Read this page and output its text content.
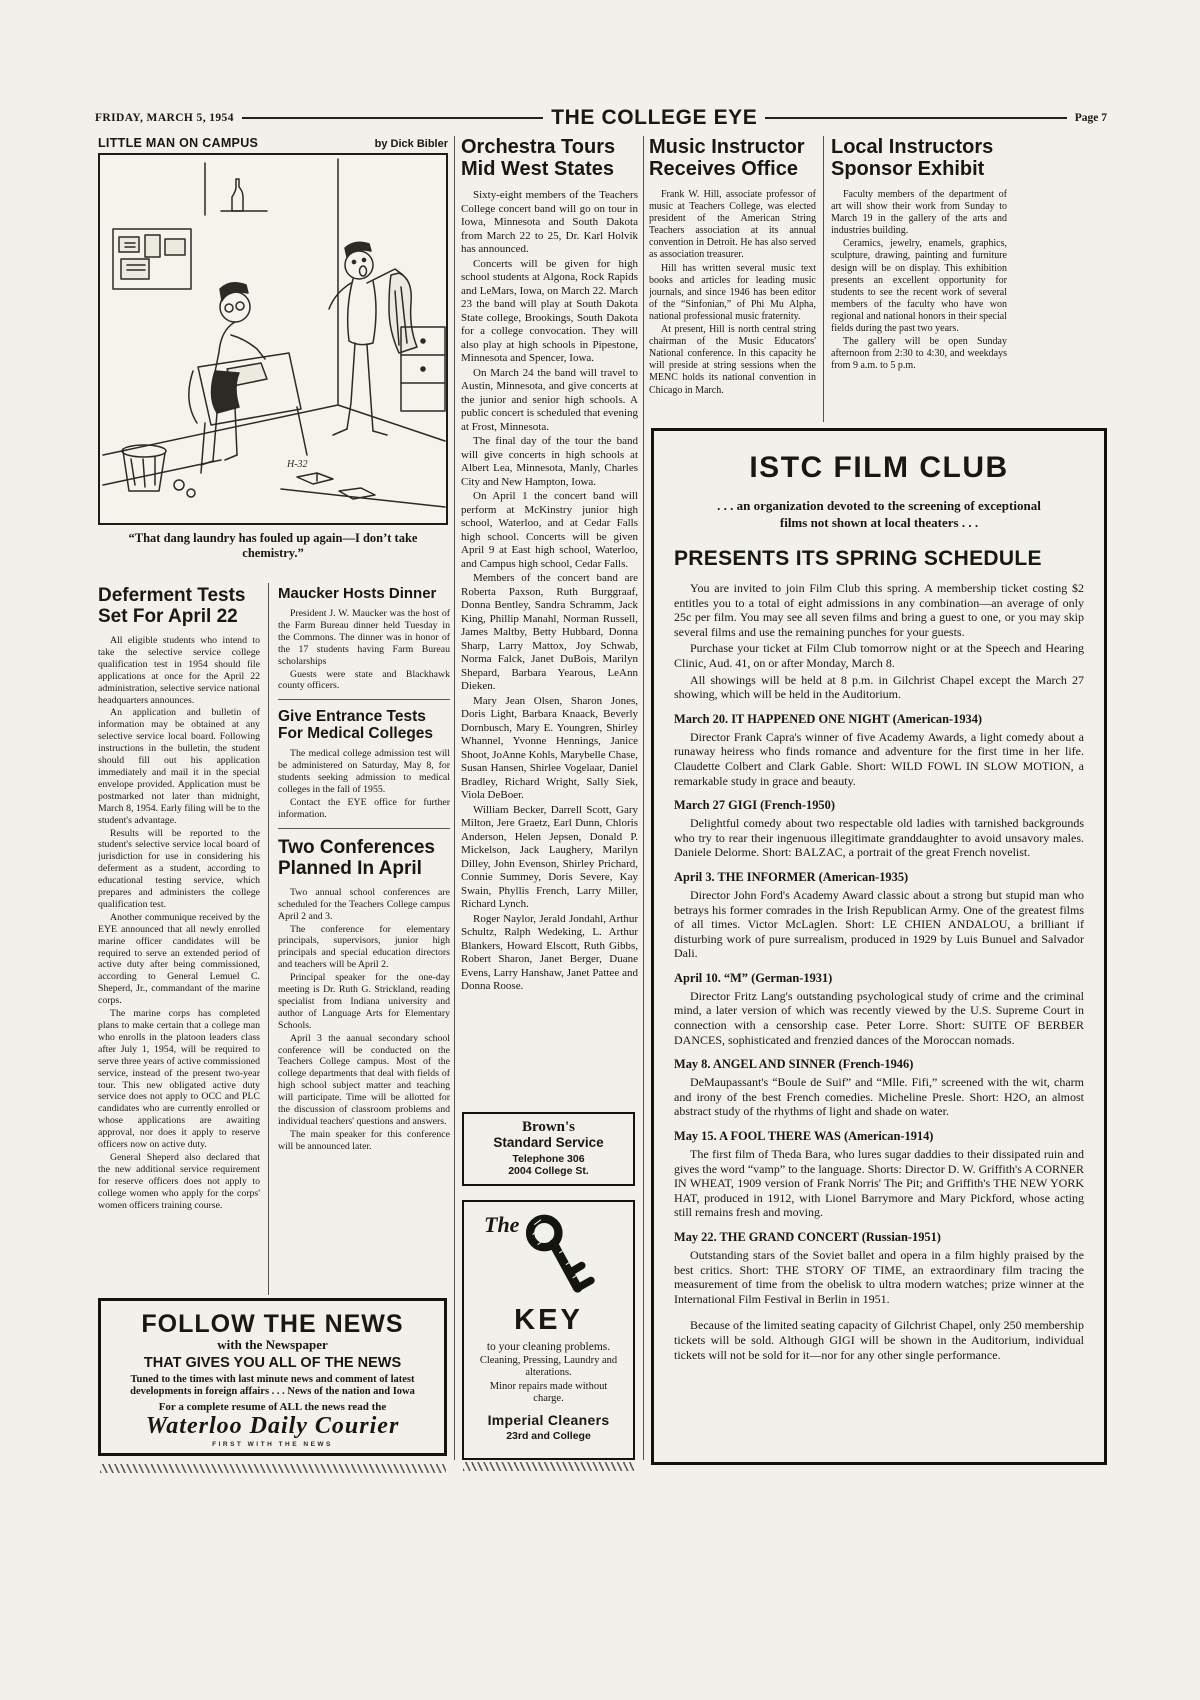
FRIDAY, MARCH 5, 1954	THE COLLEGE EYE	Page 7
LITTLE MAN ON CAMPUS	by Dick Bibler
H-32

“That dang laundry has fouled up again—I don’t take chemistry.”

Deferment Tests
Set For April 22

All eligible students who intend to take the selective service college qualification test in 1954 should file applications at once for the April 22 administration, selective service national headquarters announces.

An application and bulletin of information may be obtained at any selective service local board. Following instructions in the bulletin, the student should fill out his application immediately and mail it in the special envelope provided. Application must be postmarked not later than midnight, March 8, 1954. Early filing will be to the student's advantage.

Results will be reported to the student's selective service local board of jurisdiction for use in considering his deferment as a student, according to educational testing service, which prepares and administers the college qualification test.

Another communique received by the EYE announced that all newly enrolled marine officer candidates will be required to serve an extended period of active duty after being commissioned, according to General Lemuel C. Sheperd, Jr., commandant of the marine corps.

The marine corps has completed plans to make certain that a college man who enrolls in the platoon leaders class after July 1, 1954, will be required to serve three years of active commissioned service, instead of the present two-year tour. This new obligated active duty service does not apply to OCC and PLC candidates who are currently enrolled or whose applications are awaiting approval, nor does it apply to reserve officers now on active duty.

General Sheperd also declared that the new additional service requirement for reserve officers does not apply to college women who apply for the corps' women officers training course.

Maucker Hosts Dinner

President J. W. Maucker was the host of the Farm Bureau dinner held Tuesday in the Commons. The dinner was in honor of the 17 students having Farm Bureau scholarships

Guests were state and Blackhawk county officers.

Give Entrance Tests
For Medical Colleges

The medical college admission test will be administered on Saturday, May 8, for students seeking admission to medical colleges in the fall of 1955.

Contact the EYE office for further information.

Two Conferences
Planned In April

Two annual school conferences are scheduled for the Teachers College campus April 2 and 3.

The conference for elementary principals, supervisors, junior high principals and special education directors and teachers will be April 2.

Principal speaker for the one-day meeting is Dr. Ruth G. Strickland, reading specialist from Indiana university and author of Language Arts for Elementary Schools.

April 3 the aanual secondary school conference will be conducted on the Teachers College campus. Most of the college departments that deal with fields of high school subject matter and teaching will participate. Time will be allotted for the discussion of classroom problems and individual teachers' questions and answers.

The main speaker for this conference will be announced later.

FOLLOW THE NEWS
with the Newspaper
THAT GIVES YOU ALL OF THE NEWS

Tuned to the times with last minute news and comment of latest developments in foreign affairs . . . News of the nation and Iowa

For a complete resume of ALL the news read the
Waterloo Daily Courier
FIRST WITH THE NEWS
Orchestra Tours
Mid West States

Sixty-eight members of the Teachers College concert band will go on tour in Iowa, Minnesota and South Dakota from March 22 to 25, Dr. Karl Holvik has announced.

Concerts will be given for high school students at Algona, Rock Rapids and LeMars, Iowa, on March 22. March 23 the band will play at South Dakota State college, Brookings, South Dakota for a college convocation. They will also play at high schools in Pipestone, Minnesota and Spencer, Iowa.

On March 24 the band will travel to Austin, Minnesota, and give concerts at the junior and senior high schools. A public concert is scheduled that evening at Frost, Minnesota.

The final day of the tour the band will give concerts in high schools at Albert Lea, Minnesota, Manly, Charles City and New Hampton, Iowa.

On April 1 the concert band will perform at McKinstry junior high school, Waterloo, and at Cedar Falls high school. Concerts will be given April 9 at East high school, Waterloo, and Campus high school, Cedar Falls.

Members of the concert band are Roberta Paxson, Ruth Burggraaf, Donna Bentley, Sandra Schramm, Jack King, Phillip Manahl, Norman Russell, James Maltby, Betty Hubbard, Donna Sharp, Larry Mattox, Joy Schwab, Norma Falck, Janet DuBois, Marilyn Shepard, Barbara Yearous, LeAnn Dieken.

Mary Jean Olsen, Sharon Jones, Doris Light, Barbara Knaack, Beverly Dornbusch, Mary E. Youngren, Shirley Whannel, Yvonne Hennings, Janice Shoot, JoAnne Kohls, Marybelle Chase, Susan Hansen, Shirlee Vogelaar, Daniel Bradley, Richard Wright, Sally Siek, Viola DeBoer.

William Becker, Darrell Scott, Gary Milton, Jere Graetz, Earl Dunn, Chloris Anderson, Helen Jepsen, Donald P. Mickelson, Jack Laughery, Marilyn Dilley, John Evenson, Shirley Prichard, Connie Summey, Doris Severe, Kay Swain, Phyllis French, Larry Miller, Richard Lynch.

Roger Naylor, Jerald Jondahl, Arthur Schultz, Ralph Wedeking, L. Arthur Blankers, Howard Elscott, Ruth Gibbs, Robert Sharon, Janet Berger, Duane Evens, Larry Hanshaw, Janet Pattee and Donna Roose.

Brown's
Standard Service
Telephone 306
2004 College St.
The
KEY

to your cleaning problems.

Cleaning, Pressing, Laundry and alterations.

Minor repairs made without charge.

Imperial Cleaners
23rd and College
Music Instructor
Receives Office

Frank W. Hill, associate professor of music at Teachers College, was elected president of the American String Teachers association at its annual convention in Detroit. He has also served as association treasurer.

Hill has written several music text books and articles for leading music journals, and since 1946 has been editor of the “Sinfonian,” of Phi Mu Alpha, national professional music fraternity.

At present, Hill is north central string chairman of the Music Educators' National conference. In this capacity he will preside at string sessions when the MENC holds its national convention in Chicago in March.

Local Instructors
Sponsor Exhibit

Faculty members of the department of art will show their work from Sunday to March 19 in the gallery of the arts and industries building.

Ceramics, jewelry, enamels, graphics, sculpture, drawing, painting and furniture design will be on display. This exhibition presents an excellent opportunity for students to see the recent work of several members of the faculty who have won regional and national honors in their special fields during the past two years.

The gallery will be open Sunday afternoon from 2:30 to 4:30, and weekdays from 9 a.m. to 5 p.m.

ISTC FILM CLUB

. . . an organization devoted to the screening of exceptional
films not shown at local theaters . . .

PRESENTS ITS SPRING SCHEDULE

You are invited to join Film Club this spring. A membership ticket costing $2 entitles you to a total of eight admissions in any combination—an average of only 25c per film. You may see all seven films and bring a guest to one, or you may skip several films and use the remaining punches for your guests.

Purchase your ticket at Film Club tomorrow night or at the Speech and Hearing Clinic, Aud. 41, on or after Monday, March 8.

All showings will be held at 8 p.m. in Gilchrist Chapel except the March 27 showing, which will be held in the Auditorium.

March 20. IT HAPPENED ONE NIGHT (American-1934)

Director Frank Capra's winner of five Academy Awards, a light comedy about a runaway heiress who finds romance and adventure for the first time in her life. Claudette Colbert and Clark Gable. Short: WILD FOWL IN SLOW MOTION, a remarkable study in grace and beauty.

March 27 GIGI (French-1950)

Delightful comedy about two respectable old ladies with tarnished backgrounds who try to rear their ingenuous illegitimate granddaughter to avoid unsavory males. Daniele Delorme. Short: BALZAC, a portrait of the great French novelist.

April 3. THE INFORMER (American-1935)

Director John Ford's Academy Award classic about a strong but stupid man who betrays his former comrades in the Irish Republican Army. One of the greatest films of all times. Victor McLaglen. Short: LE CHIEN ANDALOU, a brilliant if disturbing work of pure surrealism, produced in 1929 by Luis Bunuel and Salvador Dali.

April 10. “M” (German-1931)

Director Fritz Lang's outstanding psychological study of crime and the criminal mind, a later version of which was recently viewed by the U.S. Supreme Court in connection with a censorship case. Peter Lorre. Short: SUITE OF BERBER DANCES, sophisticated and frenzied dances of the Moroccan nomads.

May 8. ANGEL AND SINNER (French-1946)

DeMaupassant's “Boule de Suif” and “Mlle. Fifi,” screened with the wit, charm and irony of the best French comedies. Micheline Presle. Short: H2O, an almost abstract study of the rhythms of light and shade on water.

May 15. A FOOL THERE WAS (American-1914)

The first film of Theda Bara, who lures sugar daddies to their dissipated ruin and gives the word “vamp” to the language. Shorts: Director D. W. Griffith's A CORNER IN WHEAT, 1909 version of Frank Norris' The Pit; and Griffith's THE NEW YORK HAT, produced in 1912, with Lionel Barrymore and Mary Pickford, whose acting still remains fresh and moving.

May 22. THE GRAND CONCERT (Russian-1951)

Outstanding stars of the Soviet ballet and opera in a film highly praised by the best critics. Short: THE STORY OF TIME, an extraordinary film tracing the measurement of time from the obelisk to ultra modern watches; prize winner at the International Film Festival in Berlin in 1951.

Because of the limited seating capacity of Gilchrist Chapel, only 250 membership tickets will be sold. Although GIGI will be shown in the Auditorium, individual tickets will not be sold for it—nor for any other single performance.
